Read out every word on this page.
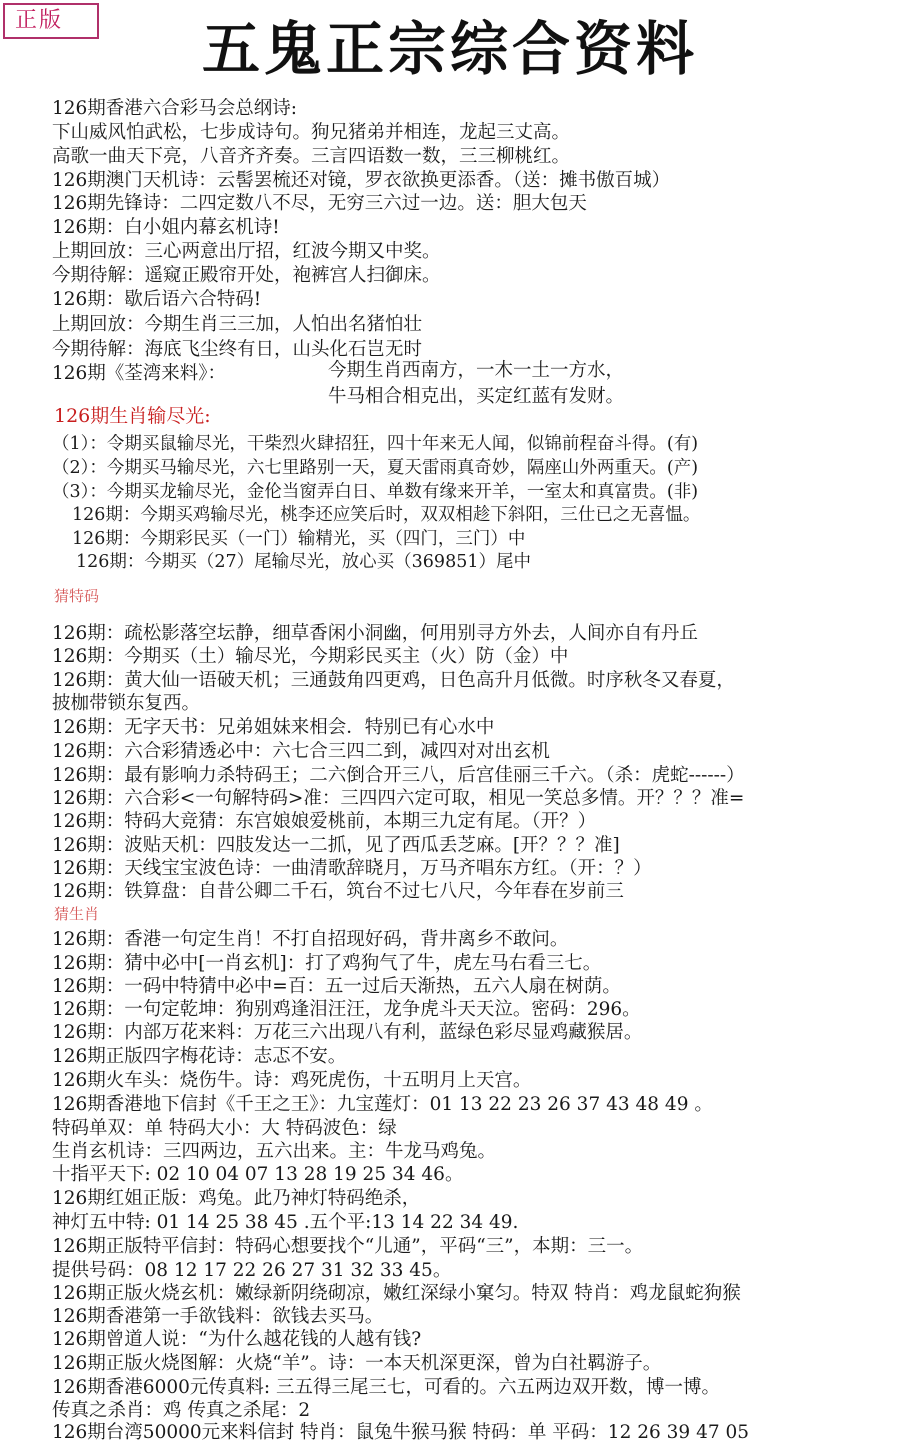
正版	五鬼正宗综合资料
126期香港六合彩马会总纲诗:
下山威风怕武松，七步成诗句。狗兄猪弟并相连，龙起三丈高。
高歌一曲天下亮，八音齐齐奏。三言四语数一数，三三柳桃红。
126期澳门天机诗：云髻罢梳还对镜，罗衣欲换更添香。（送：摊书傲百城）
126期先锋诗：二四定数八不尽，无穷三六过一边。送：胆大包天
126期：白小姐内幕玄机诗!
上期回放：三心两意出厅招，红波今期又中奖。
今期待解：遥窥正殿帘开处，袍裤宫人扫御床。
126期：歇后语六合特码!
上期回放：今期生肖三三加，人怕出名猪怕壮
今期待解：海底飞尘终有日，山头化石岂无时
126期《荃湾来料》：	今期生肖西南方，一木一土一方水，
牛马相合相克出，买定红蓝有发财。
126期生肖输尽光:
（1）：令期买鼠输尽光，干柴烈火肆招狂，四十年来无人闻，似锦前程奋斗得。(有)
（2）：今期买马输尽光，六七里路别一天，夏天雷雨真奇妙，隔座山外两重天。(产)
（3）：今期买龙输尽光，金伦当窗弄白日、单数有缘来开羊，一室太和真富贵。(非)
126期：今期买鸡输尽光，桃李还应笑后时，双双相趁下斜阳，三仕已之无喜愠。
126期：今期彩民买（一门）输精光，买（四门，三门）中
126期：今期买（27）尾输尽光，放心买（369851）尾中
猜特码
126期：疏松影落空坛静，细草香闲小洞幽，何用别寻方外去，人间亦自有丹丘
126期：今期买（土）输尽光，今期彩民买主（火）防（金）中
126期：黄大仙一语破天机；三通鼓角四更鸡，日色高升月低微。时序秋冬又春夏，
披枷带锁东复西。
126期：无字天书：兄弟姐妹来相会．特别已有心水中
126期：六合彩猜透必中：六七合三四二到，减四对对出玄机
126期：最有影响力杀特码王；二六倒合开三八，后宫佳丽三千六。（杀：虎蛇------）
126期：六合彩<一句解特码>准：三四四六定可取，相见一笑总多情。开？？？准=
126期：特码大竞猜：东宫娘娘爱桃前，本期三九定有尾。（开？）
126期：波贴天机：四肢发达一二抓，见了西瓜丢芝麻。[开？？？准]
126期：天线宝宝波色诗：一曲清歌辞晓月，万马齐唱东方红。（开：？）
126期：铁算盘：自昔公卿二千石，筑台不过七八尺，今年春在岁前三
猜生肖
126期：香港一句定生肖！不打自招现好码，背井离乡不敢问。
126期：猜中必中[一肖玄机]：打了鸡狗气了牛，虎左马右看三七。
126期：一码中特猜中必中=百：五一过后天渐热，五六人扇在树荫。
126期：一句定乾坤：狗别鸡逢泪汪汪，龙争虎斗天天泣。密码：296。
126期：内部万花来料：万花三六出现八有利，蓝绿色彩尽显鸡藏猴居。
126期正版四字梅花诗：志忑不安。
126期火车头：烧伤牛。诗：鸡死虎伤，十五明月上天宫。
126期香港地下信封《千王之王》：九宝莲灯：01 13 22 23 26 37 43 48 49 。
特码单双：单 特码大小：大 特码波色：绿
生肖玄机诗：三四两边，五六出来。主：牛龙马鸡兔。
十指平天下: 02 10 04 07 13 28 19 25 34 46。
126期红姐正版：鸡兔。此乃神灯特码绝杀，
神灯五中特: 01 14 25 38 45 .五个平:13 14 22 34 49.
126期正版特平信封：特码心想要找个“儿通”，平码“三”，本期：三一。
提供号码：08 12 17 22 26 27 31 32 33 45。
126期正版火烧玄机：嫩绿新阴绕砌凉，嫩红深绿小窠匀。特双 特肖：鸡龙鼠蛇狗猴
126期香港第一手欲钱料：欲钱去买马。
126期曾道人说：“为什么越花钱的人越有钱?
126期正版火烧图解：火烧“羊”。诗：一本天机深更深，曾为白社羁游子。
126期香港6000元传真料: 三五得三尾三七，可看的。六五两边双开数，博一博。
传真之杀肖：鸡 传真之杀尾：2
126期台湾50000元来料信封 特肖：鼠兔牛猴马猴 特码：单 平码：12 26 39 47 05
